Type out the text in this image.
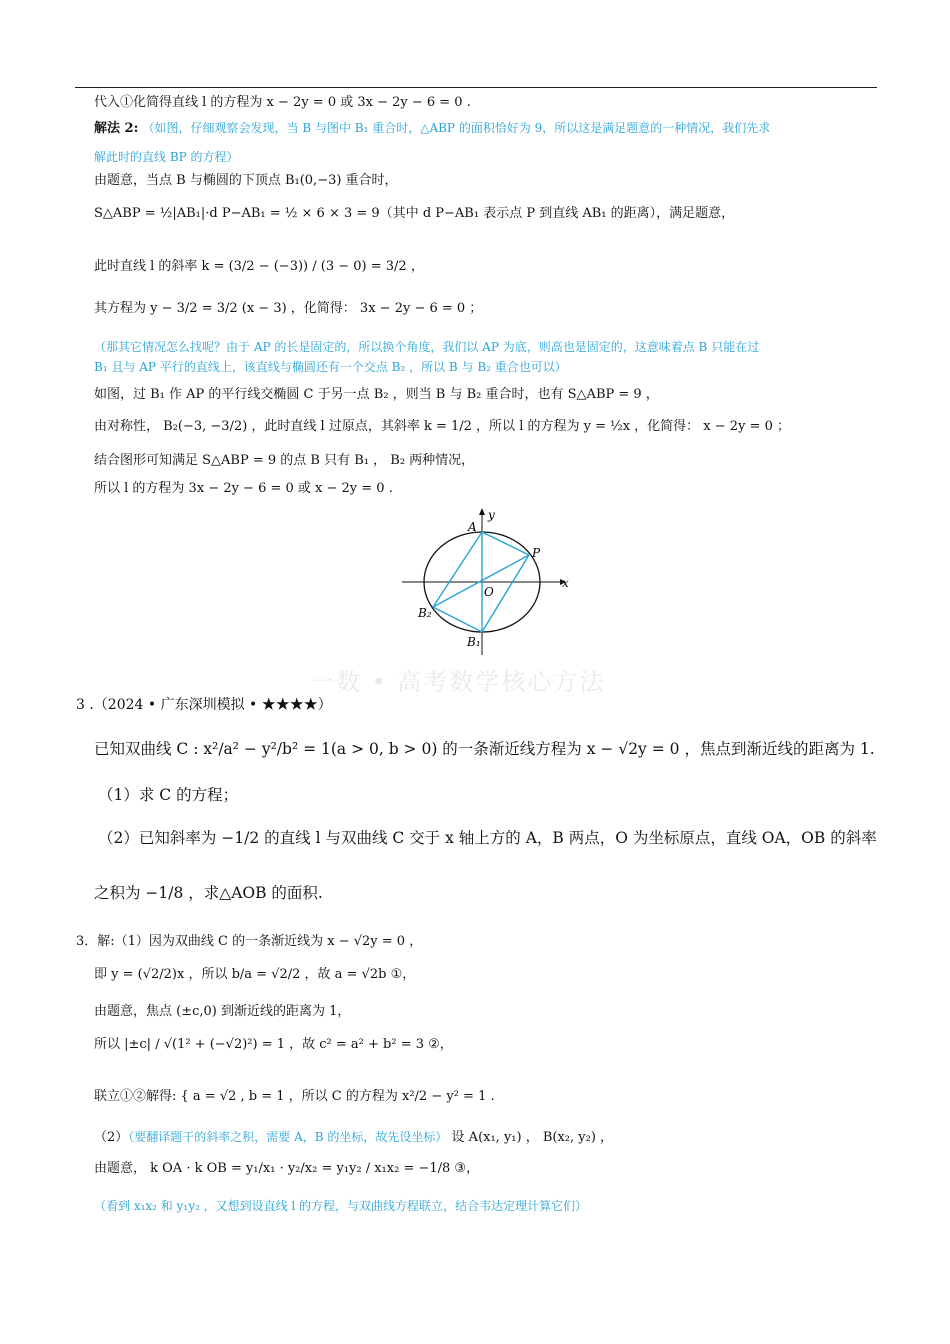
代入①化简得直线 l 的方程为 x − 2y = 0 或 3x − 2y − 6 = 0 .
解法 2: （如图，仔细观察会发现，当 B 与图中 B₁ 重合时，△ABP 的面积恰好为 9，所以这是满足题意的一种情况，我们先求
解此时的直线 BP 的方程）
由题意，当点 B 与椭圆的下顶点 B₁(0,−3) 重合时，
S△ABP = ½|AB₁|·d P−AB₁ = ½ × 6 × 3 = 9（其中 d P−AB₁ 表示点 P 到直线 AB₁ 的距离），满足题意，
此时直线 l 的斜率 k = (3/2 − (−3)) / (3 − 0) = 3/2 ，
其方程为 y − 3/2 = 3/2 (x − 3) ，化简得： 3x − 2y − 6 = 0 ；
（那其它情况怎么找呢？由于 AP 的长是固定的，所以换个角度，我们以 AP 为底，则高也是固定的，这意味着点 B 只能在过
B₁ 且与 AP 平行的直线上，该直线与椭圆还有一个交点 B₂ ，所以 B 与 B₂ 重合也可以）
如图，过 B₁ 作 AP 的平行线交椭圆 C 于另一点 B₂ ，则当 B 与 B₂ 重合时，也有 S△ABP = 9 ，
由对称性， B₂(−3, −3/2) ，此时直线 l 过原点，其斜率 k = 1/2 ，所以 l 的方程为 y = ½x ，化简得： x − 2y = 0 ；
结合图形可知满足 S△ABP = 9 的点 B 只有 B₁ ， B₂ 两种情况，
所以 l 的方程为 3x − 2y − 6 = 0 或 x − 2y = 0 .
y
A
P
x
O
B₂
B₁
一数 • 高考数学核心方法
3 .（2024 • 广东深圳模拟 • ★★★★）
已知双曲线 C : x²/a² − y²/b² = 1(a > 0, b > 0) 的一条渐近线方程为 x − √2y = 0 ，焦点到渐近线的距离为 1.
（1）求 C 的方程；
（2）已知斜率为 −1/2 的直线 l 与双曲线 C 交于 x 轴上方的 A，B 两点，O 为坐标原点，直线 OA，OB 的斜率
之积为 −1/8 ，求△AOB 的面积.
3．解:（1）因为双曲线 C 的一条渐近线为 x − √2y = 0 ，
即 y = (√2/2)x ，所以 b/a = √2/2 ，故 a = √2b ①，
由题意，焦点 (±c,0) 到渐近线的距离为 1，
所以 |±c| / √(1² + (−√2)²) = 1 ，故 c² = a² + b² = 3 ②，
联立①②解得: { a = √2 , b = 1 ，所以 C 的方程为 x²/2 − y² = 1 .
（2）（要翻译题干的斜率之积，需要 A，B 的坐标，故先设坐标） 设 A(x₁, y₁) ， B(x₂, y₂) ，
由题意， k OA · k OB = y₁/x₁ · y₂/x₂ = y₁y₂ / x₁x₂ = −1/8 ③，
（看到 x₁x₂ 和 y₁y₂ ，又想到设直线 l 的方程，与双曲线方程联立，结合韦达定理计算它们）
